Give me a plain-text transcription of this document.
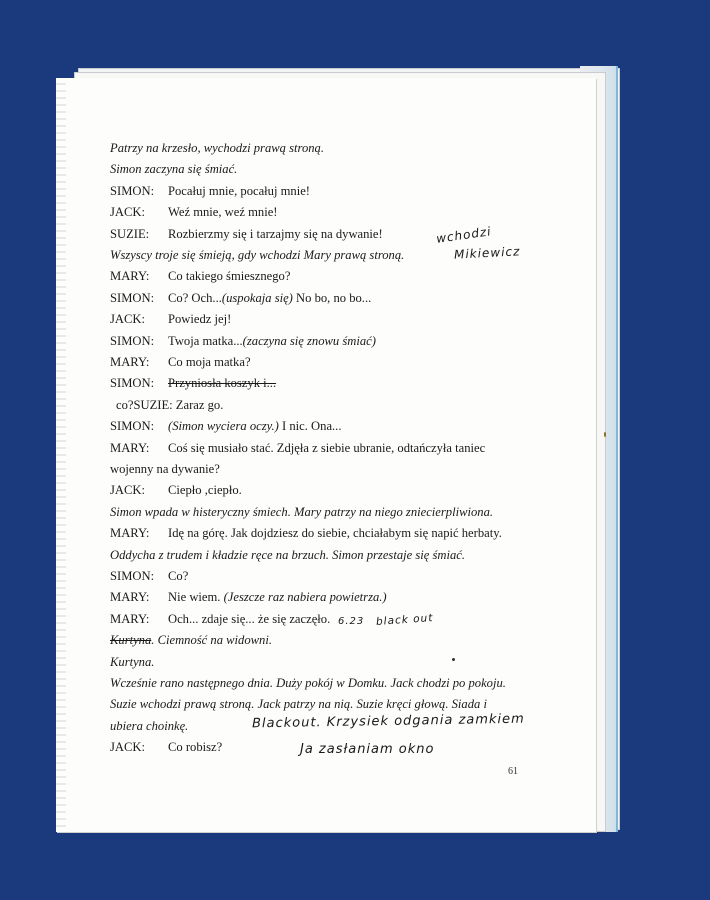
Patrzy na krzesło, wychodzi prawą stroną.
Simon zaczyna się śmiać.
SIMON: Pocałuj mnie, pocałuj mnie!
JACK: Weź mnie, weź mnie!
SUZIE: Rozbierzmy się i tarzajmy się na dywanie!
Wszyscy troje się śmieją, gdy wchodzi Mary prawą stroną.
MARY: Co takiego śmiesznego?
SIMON: Co? Och...(uspokaja się) No bo, no bo...
JACK: Powiedz jej!
SIMON: Twoja matka...(zaczyna się znowu śmiać)
MARY: Co moja matka?
SIMON: Przyniosła koszyk i...
co?SUZIE: Zaraz go.
SIMON: (Simon wyciera oczy.) I nic. Ona...
MARY: Coś się musiało stać. Zdjęła z siebie ubranie, odtańczyła taniec
wojenny na dywanie?
JACK: Ciepło ,ciepło.
Simon wpada w histeryczny śmiech. Mary patrzy na niego zniecierpliwiona.
MARY: Idę na górę. Jak dojdziesz do siebie, chciałabym się napić herbaty.
Oddycha z trudem i kładzie ręce na brzuch. Simon przestaje się śmiać.
SIMON: Co?
MARY: Nie wiem. (Jeszcze raz nabiera powietrza.)
MARY: Och... zdaje się... że się zaczęło.
Kurtyna. Ciemność na widowni.
Kurtyna.
Wcześnie rano następnego dnia. Duży pokój w Domku. Jack chodzi po pokoju.
Suzie wchodzi prawą stroną. Jack patrzy na nią. Suzie kręci głową. Siada i
ubiera choinkę.
JACK: Co robisz?
wchodzi
Mikiewicz
6.23 black out
Blackout. Krzysiek odgania zamkiem
Ja zasłaniam okno
61
